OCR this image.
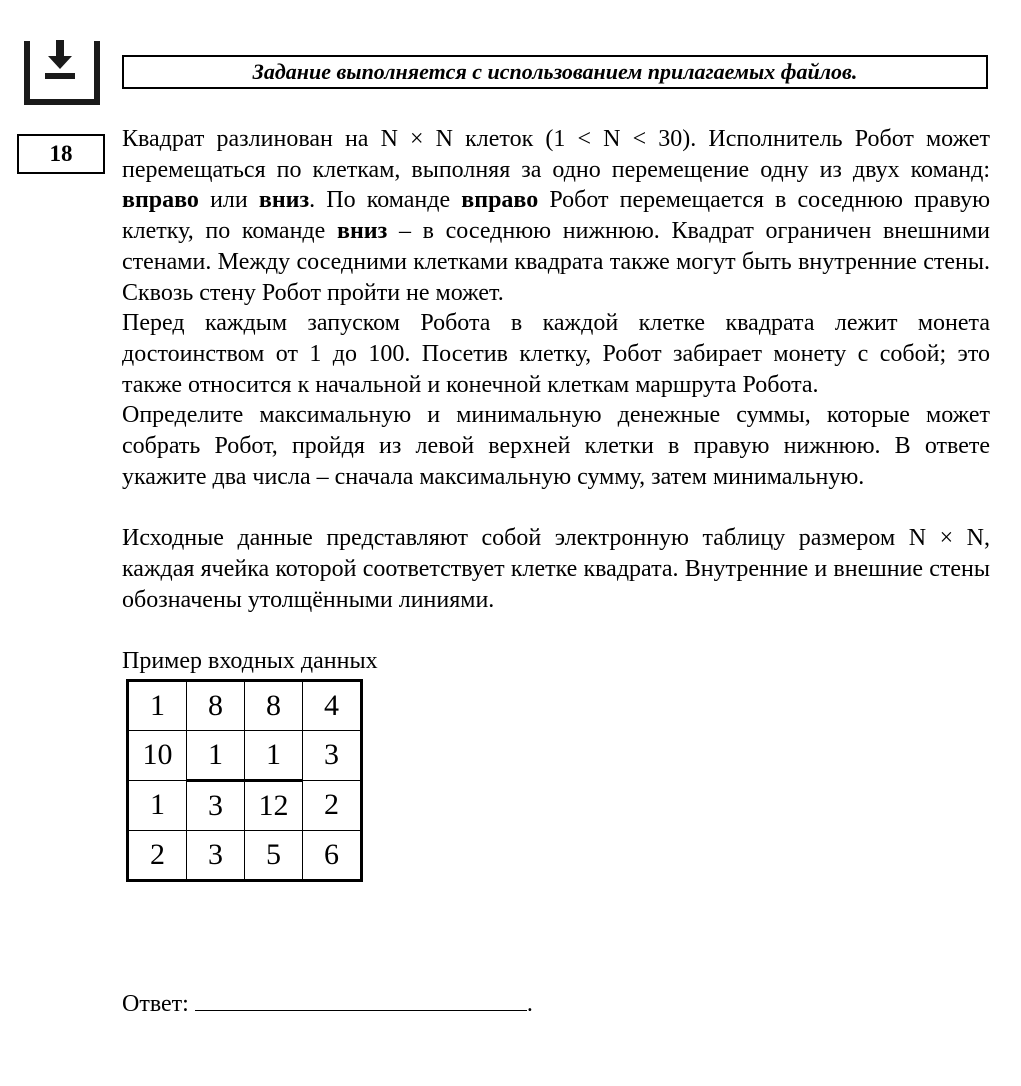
Задание выполняется с использованием прилагаемых файлов.
18

Квадрат разлинован на N × N клеток (1 < N < 30). Исполнитель Робот может перемещаться по клеткам, выполняя за одно перемещение одну из двух команд: вправо или вниз. По команде вправо Робот перемещается в соседнюю правую клетку, по команде вниз – в соседнюю нижнюю. Квадрат ограничен внешними стенами. Между соседними клетками квадрата также могут быть внутренние стены. Сквозь стену Робот пройти не может.

Перед каждым запуском Робота в каждой клетке квадрата лежит монета достоинством от 1 до 100. Посетив клетку, Робот забирает монету с собой; это также относится к начальной и конечной клеткам маршрута Робота.

Определите максимальную и минимальную денежные суммы, которые может собрать Робот, пройдя из левой верхней клетки в правую нижнюю. В ответе укажите два числа – сначала максимальную сумму, затем минимальную.

Исходные данные представляют собой электронную таблицу размером N × N, каждая ячейка которой соответствует клетке квадрата. Внутренние и внешние стены обозначены утолщёнными линиями.

Пример входных данных

1	8	8	4
10	1	1	3
1	3	12	2
2	3	5	6
Ответ:	.
